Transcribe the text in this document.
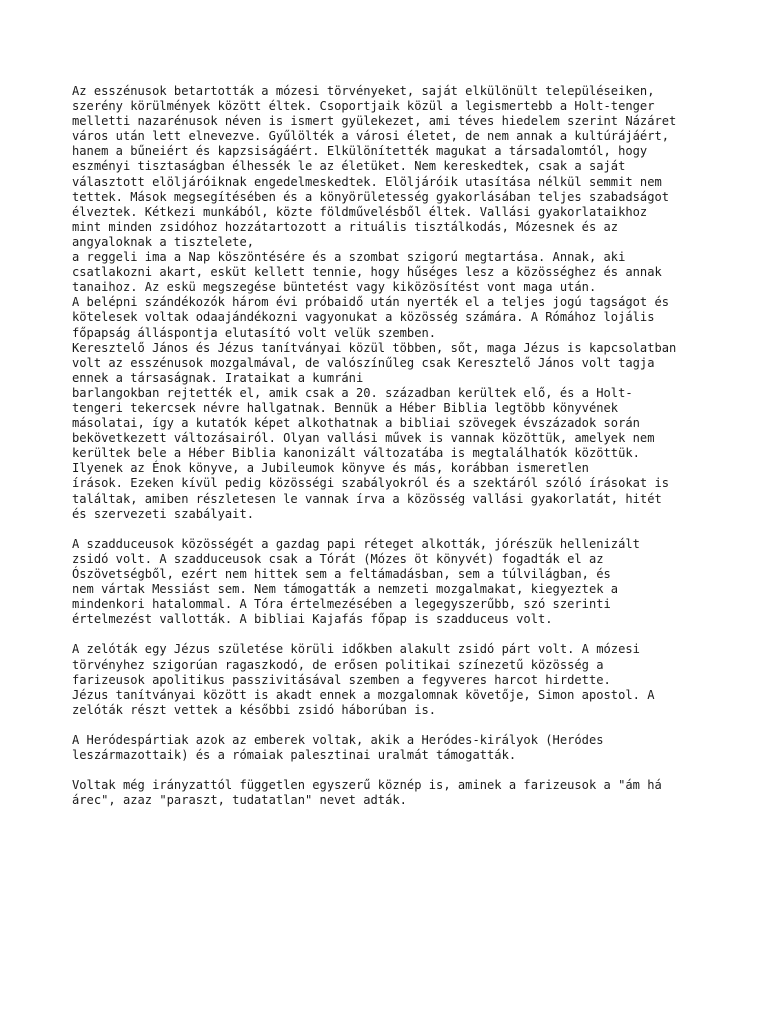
Az esszénusok betartották a mózesi törvényeket, saját elkülönült településeiken,
szerény körülmények között éltek. Csoportjaik közül a legismertebb a Holt-tenger
melletti nazarénusok néven is ismert gyülekezet, ami téves hiedelem szerint Názáret
város után lett elnevezve. Gyűlölték a városi életet, de nem annak a kultúrájáért,
hanem a bűneiért és kapzsiságáért. Elkülönítették magukat a társadalomtól, hogy
eszményi tisztaságban élhessék le az életüket. Nem kereskedtek, csak a saját
választott elöljáróiknak engedelmeskedtek. Elöljáróik utasítása nélkül semmit nem
tettek. Mások megsegítésében és a könyörületesség gyakorlásában teljes szabadságot
élveztek. Kétkezi munkából, közte földművelésből éltek. Vallási gyakorlataikhoz
mint minden zsidóhoz hozzátartozott a rituális tisztálkodás, Mózesnek és az
angyaloknak a tisztelete,
a reggeli ima a Nap köszöntésére és a szombat szigorú megtartása. Annak, aki
csatlakozni akart, esküt kellett tennie, hogy hűséges lesz a közösséghez és annak
tanaihoz. Az eskü megszegése büntetést vagy kiközösítést vont maga után.
A belépni szándékozók három évi próbaidő után nyerték el a teljes jogú tagságot és
kötelesek voltak odaajándékozni vagyonukat a közösség számára. A Rómához lojális
főpapság álláspontja elutasító volt velük szemben.
Keresztelő János és Jézus tanítványai közül többen, sőt, maga Jézus is kapcsolatban
volt az esszénusok mozgalmával, de valószínűleg csak Keresztelő János volt tagja
ennek a társaságnak. Irataikat a kumráni
barlangokban rejtették el, amik csak a 20. században kerültek elő, és a Holt-
tengeri tekercsek névre hallgatnak. Bennük a Héber Biblia legtöbb könyvének
másolatai, így a kutatók képet alkothatnak a bibliai szövegek évszázadok során
bekövetkezett változásairól. Olyan vallási művek is vannak közöttük, amelyek nem
kerültek bele a Héber Biblia kanonizált változatába is megtalálhatók közöttük.
Ilyenek az Énok könyve, a Jubileumok könyve és más, korábban ismeretlen
írások. Ezeken kívül pedig közösségi szabályokról és a szektáról szóló írásokat is
találtak, amiben részletesen le vannak írva a közösség vallási gyakorlatát, hitét
és szervezeti szabályait.
A szadduceusok közösségét a gazdag papi réteget alkották, jórészük hellenizált
zsidó volt. A szadduceusok csak a Tórát (Mózes öt könyvét) fogadták el az
Ószövetségből, ezért nem hittek sem a feltámadásban, sem a túlvilágban, és
nem vártak Messiást sem. Nem támogatták a nemzeti mozgalmakat, kiegyeztek a
mindenkori hatalommal. A Tóra értelmezésében a legegyszerűbb, szó szerinti
értelmezést vallották. A bibliai Kajafás főpap is szadduceus volt.
A zelóták egy Jézus születése körüli időkben alakult zsidó párt volt. A mózesi
törvényhez szigorúan ragaszkodó, de erősen politikai színezetű közösség a
farizeusok apolitikus passzivitásával szemben a fegyveres harcot hirdette.
Jézus tanítványai között is akadt ennek a mozgalomnak követője, Simon apostol. A
zelóták részt vettek a későbbi zsidó háborúban is.
A Heródespártiak azok az emberek voltak, akik a Heródes-királyok (Heródes
leszármazottaik) és a rómaiak palesztinai uralmát támogatták.
Voltak még irányzattól független egyszerű köznép is, aminek a farizeusok a "ám há
árec", azaz "paraszt, tudatatlan" nevet adták.
